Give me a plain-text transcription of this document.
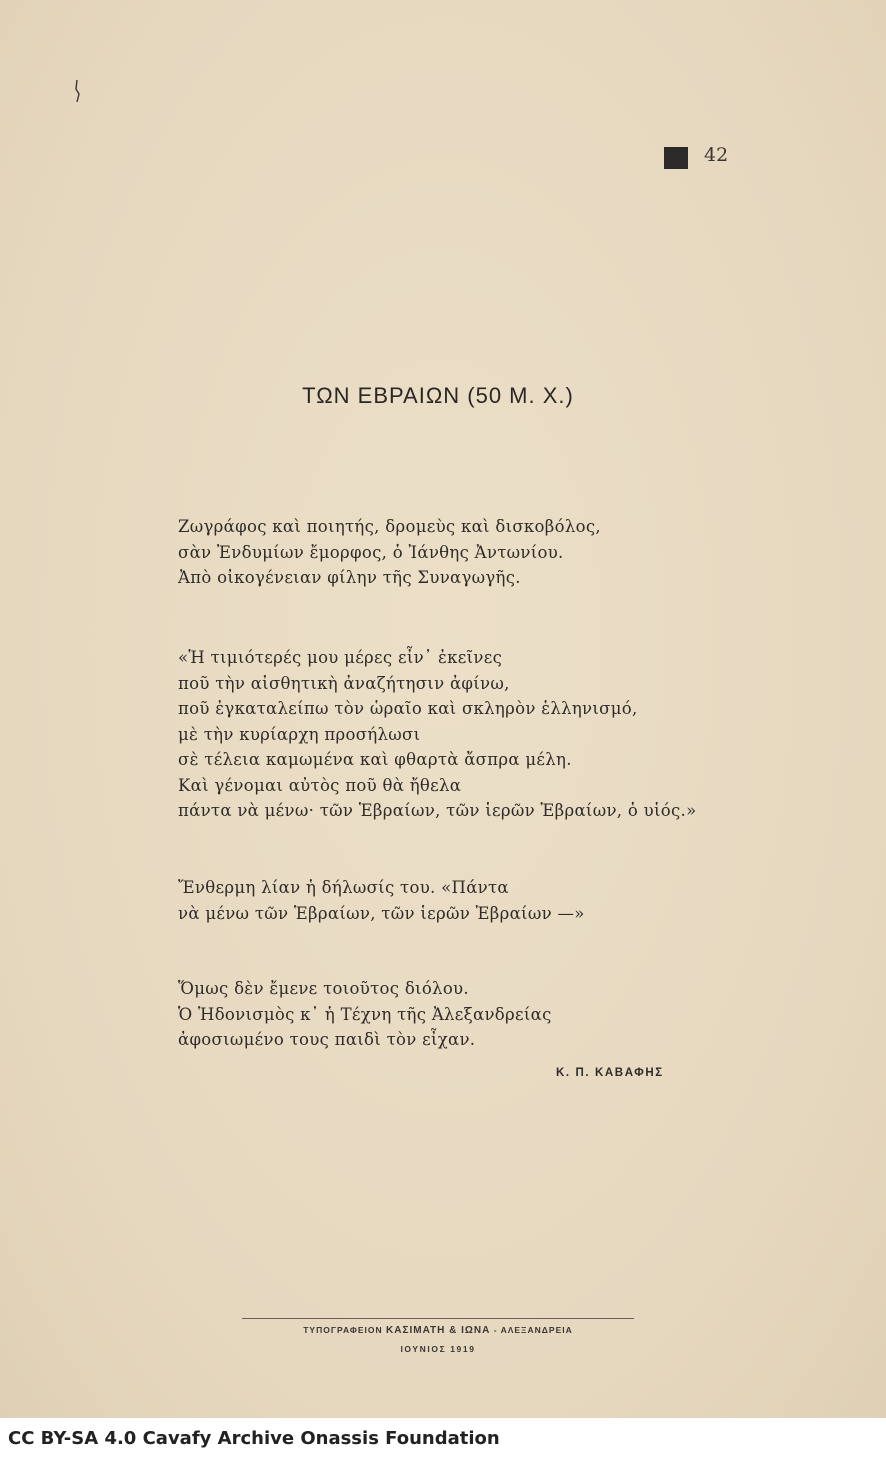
42
ΤΩΝ ΕΒΡΑΙΩΝ (50 Μ. Χ.)
Ζωγράφος καὶ ποιητής, δρομεὺς καὶ δισκοβόλος,
σὰν Ἐνδυμίων ἔμορφος, ὁ Ἰάνθης Ἀντωνίου.
Ἀπὸ οἰκογένειαν φίλην τῆς Συναγωγῆς.
«Ἡ τιμιότερές μου μέρες εἶν᾿ ἐκεῖνες
ποῦ τὴν αἰσθητικὴ ἀναζήτησιν ἀφίνω,
ποῦ ἐγκαταλείπω τὸν ὡραῖο καὶ σκληρὸν ἑλληνισμό,
μὲ τὴν κυρίαρχη προσήλωσι
σὲ τέλεια καμωμένα καὶ φθαρτὰ ἄσπρα μέλη.
Καὶ γένομαι αὐτὸς ποῦ θὰ ἤθελα
πάντα νὰ μένω· τῶν Ἑβραίων, τῶν ἱερῶν Ἑβραίων, ὁ υἱός.»
Ἔνθερμη λίαν ἡ δήλωσίς του. «Πάντα
νὰ μένω τῶν Ἑβραίων, τῶν ἱερῶν Ἑβραίων —»
Ὅμως δὲν ἔμενε τοιοῦτος διόλου.
Ὁ Ἡδονισμὸς κ᾿ ἡ Τέχνη τῆς Ἀλεξανδρείας
ἀφοσιωμένο τους παιδὶ τὸν εἶχαν.
Κ. Π. ΚΑΒΑΦΗΣ
ΤΥΠΟΓΡΑΦΕΙΟΝ ΚΑΣΙΜΑΤΗ & ΙΩΝΑ - ΑΛΕΞΑΝΔΡΕΙΑ
ΙΟΥΝΙΟΣ 1919
CC BY-SA 4.0 Cavafy Archive Onassis Foundation
